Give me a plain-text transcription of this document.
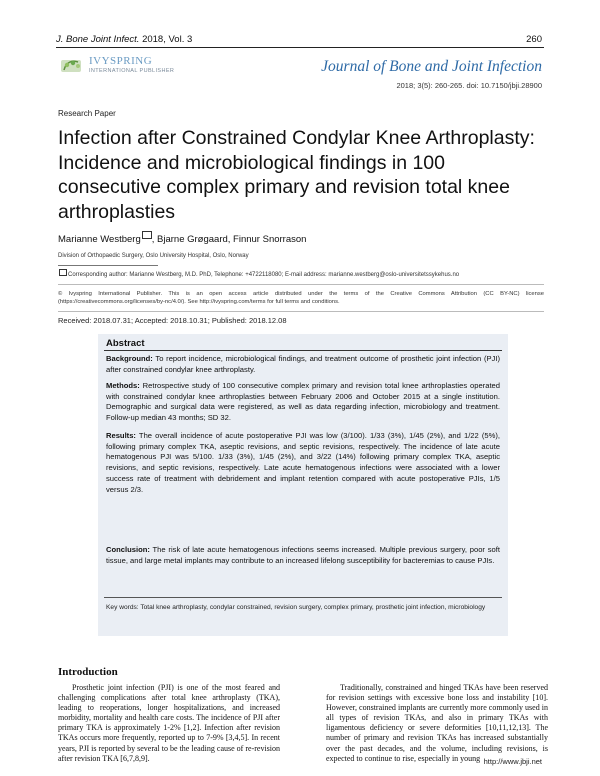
J. Bone Joint Infect. 2018, Vol. 3	260
IVYSPRING
INTERNATIONAL PUBLISHER	Journal of Bone and Joint Infection
2018; 3(5): 260-265. doi: 10.7150/jbji.28900
Research Paper
Infection after Constrained Condylar Knee Arthroplasty: Incidence and microbiological findings in 100 consecutive complex primary and revision total knee arthroplasties
Marianne Westberg , Bjarne Grøgaard, Finnur Snorrason
Division of Orthopaedic Surgery, Oslo University Hospital, Oslo, Norway
Corresponding author: Marianne Westberg, M.D. PhD, Telephone: +4722118080; E-mail address: marianne.westberg@oslo-universitetssykehus.no
© Ivyspring International Publisher. This is an open access article distributed under the terms of the Creative Commons Attribution (CC BY-NC) license (https://creativecommons.org/licenses/by-nc/4.0/). See http://ivyspring.com/terms for full terms and conditions.
Received: 2018.07.31; Accepted: 2018.10.31; Published: 2018.12.08
Abstract
Background: To report incidence, microbiological findings, and treatment outcome of prosthetic joint infection (PJI) after constrained condylar knee arthroplasty.
Methods: Retrospective study of 100 consecutive complex primary and revision total knee arthroplasties operated with constrained condylar knee arthroplasties between February 2006 and October 2015 at a single institution. Demographic and surgical data were registered, as well as data regarding infection, microbiology and treatment. Follow-up median 43 months; SD 32.
Results: The overall incidence of acute postoperative PJI was low (3/100). 1/33 (3%), 1/45 (2%), and 1/22 (5%), following primary complex TKA, aseptic revisions, and septic revisions, respectively. The incidence of late acute hematogenous PJI was 5/100. 1/33 (3%), 1/45 (2%), and 3/22 (14%) following primary complex TKA, aseptic revisions, and septic revisions, respectively. Late acute hematogenous infections were associated with a lower success rate of treatment with debridement and implant retention compared with acute postoperative PJIs, 1/5 versus 2/3.
Conclusion: The risk of late acute hematogenous infections seems increased. Multiple previous surgery, poor soft tissue, and large metal implants may contribute to an increased lifelong susceptibility for bacteremias to cause PJIs.
Key words: Total knee arthroplasty, condylar constrained, revision surgery, complex primary, prosthetic joint infection, microbiology
Introduction
Prosthetic joint infection (PJI) is one of the most feared and challenging complications after total knee arthroplasty (TKA), leading to reoperations, longer hospitalizations, and increased morbidity, mortality and health care costs. The incidence of PJI after primary TKA is approximately 1-2% [1,2]. Infection after revision TKAs occurs more frequently, reported up to 7-9% [3,4,5]. In recent years, PJI is reported by several to be the leading cause of re-revision after revision TKA [6,7,8,9].
Traditionally, constrained and hinged TKAs have been reserved for revision settings with excessive bone loss and instability [10]. However, constrained implants are currently more commonly used in all types of revision TKAs, and also in primary TKAs with ligamentous deficiency or severe deformities [10,11,12,13]. The number of primary and revision TKAs has increased substantially over the past decades, and the volume, including revisions, is expected to continue to rise, especially in young http://www.jbji.net
